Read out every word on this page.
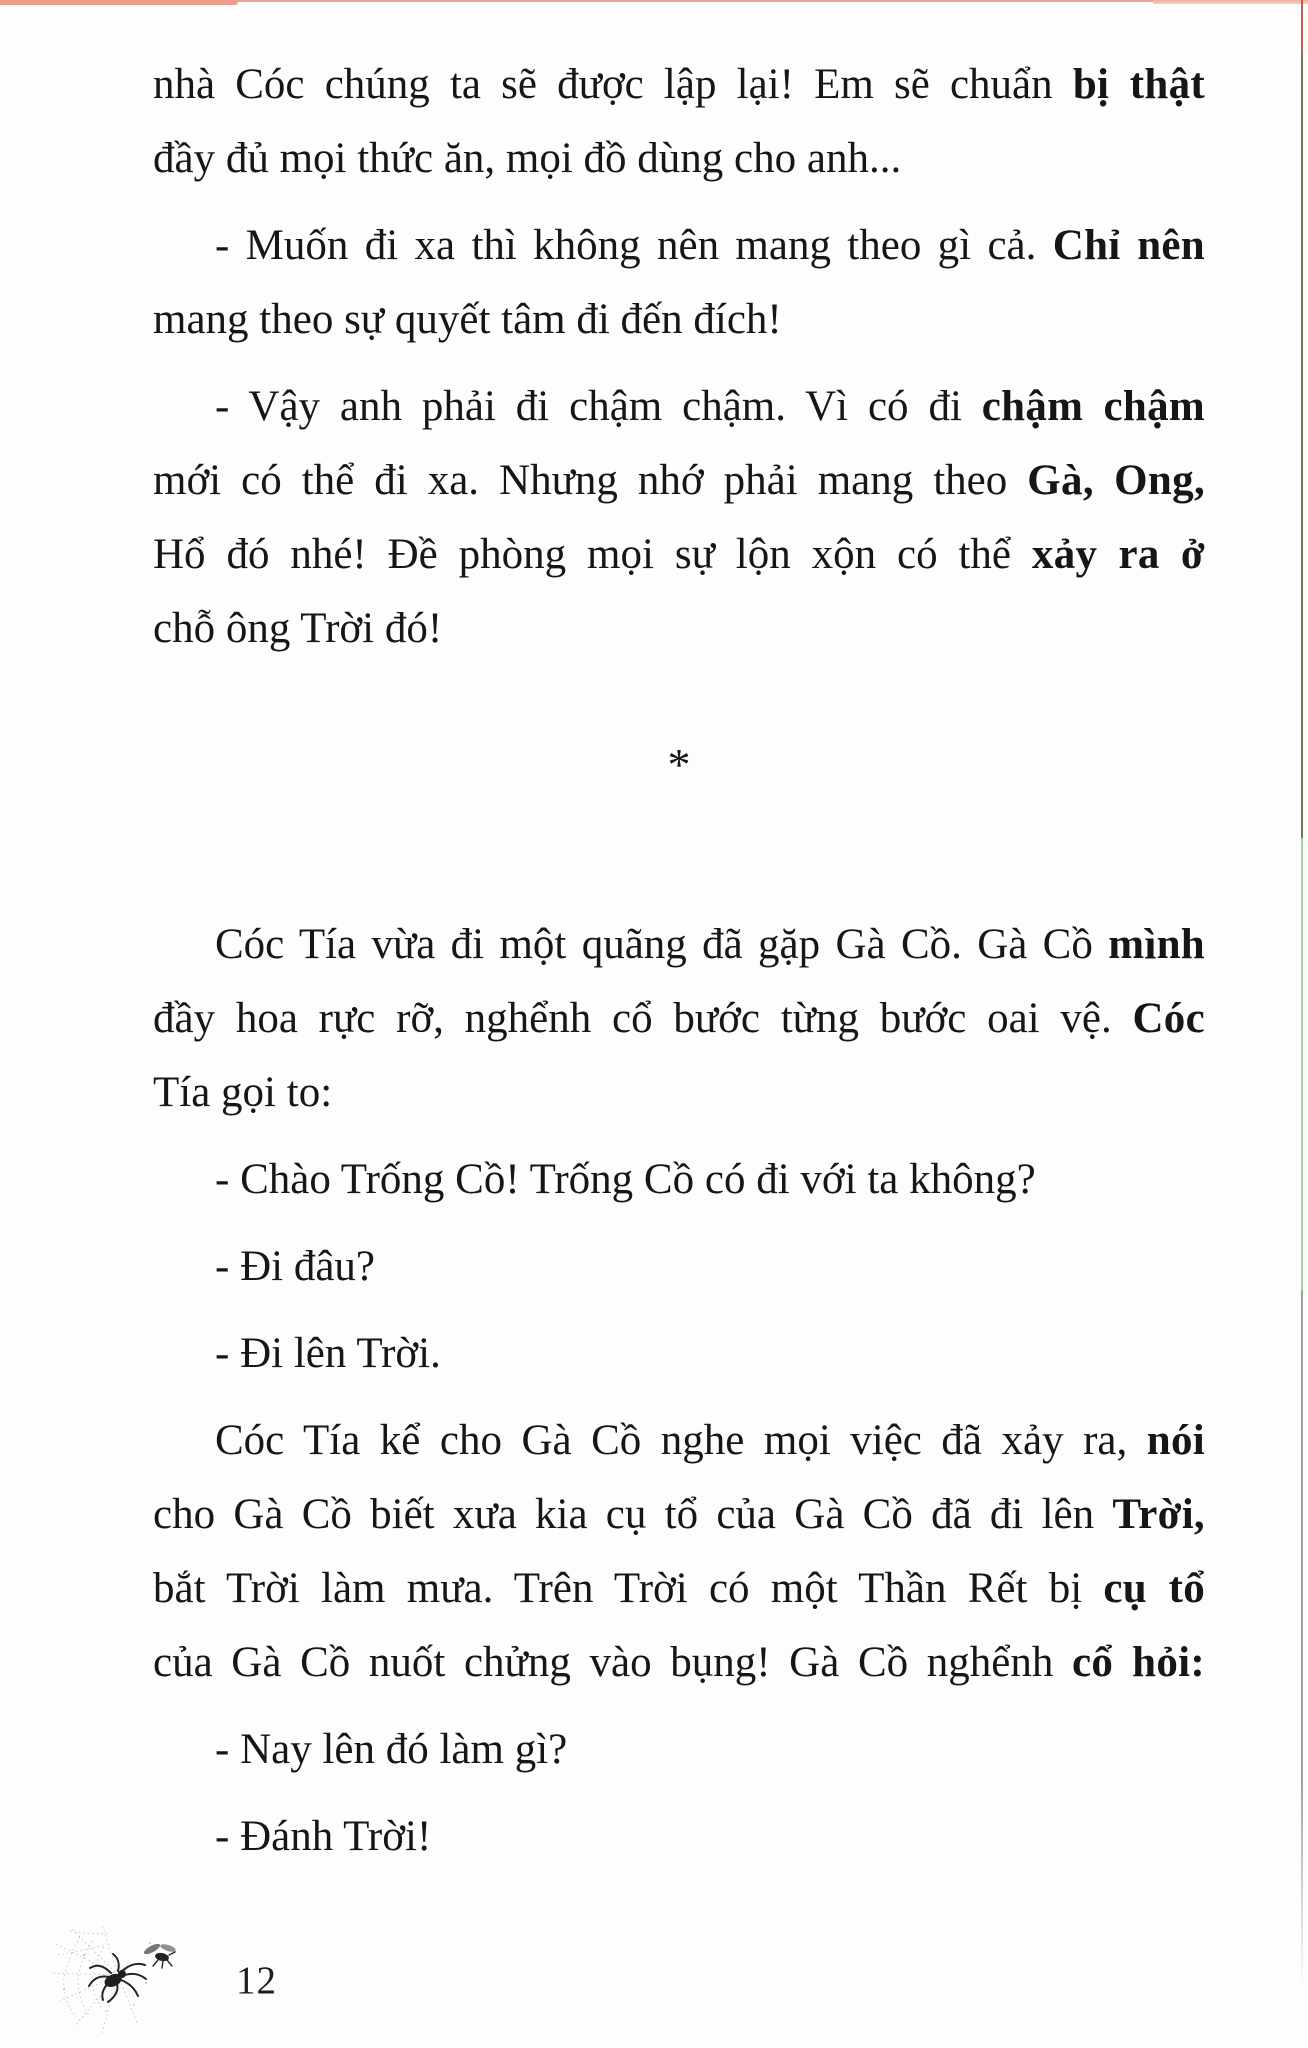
nhà Cóc chúng ta sẽ được lập lại! Em sẽ chuẩn bị thật
đầy đủ mọi thức ăn, mọi đồ dùng cho anh...
- Muốn đi xa thì không nên mang theo gì cả. Chỉ nên
mang theo sự quyết tâm đi đến đích!
- Vậy anh phải đi chậm chậm. Vì có đi chậm chậm
mới có thể đi xa. Nhưng nhớ phải mang theo Gà, Ong,
Hổ đó nhé! Đề phòng mọi sự lộn xộn có thể xảy ra ở
chỗ ông Trời đó!
*
Cóc Tía vừa đi một quãng đã gặp Gà Cồ. Gà Cồ mình
đầy hoa rực rỡ, nghểnh cổ bước từng bước oai vệ. Cóc
Tía gọi to:
- Chào Trống Cồ! Trống Cồ có đi với ta không?
- Đi đâu?
- Đi lên Trời.
Cóc Tía kể cho Gà Cồ nghe mọi việc đã xảy ra, nói
cho Gà Cồ biết xưa kia cụ tổ của Gà Cồ đã đi lên Trời,
bắt Trời làm mưa. Trên Trời có một Thần Rết bị cụ tổ
của Gà Cồ nuốt chửng vào bụng! Gà Cồ nghểnh cổ hỏi:
- Nay lên đó làm gì?
- Đánh Trời!
12
